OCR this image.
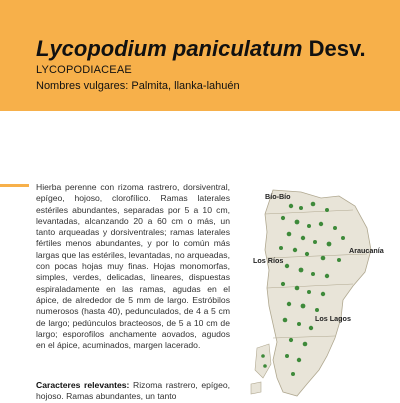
Lycopodium paniculatum Desv.
LYCOPODIACEAE
Nombres vulgares: Palmita, llanka-lahuén

Hierba perenne con rizoma rastrero, dorsiventral, epígeo, hojoso, clorofílico. Ramas laterales estériles abundantes, separadas por 5 a 10 cm, levantadas, alcanzando 20 a 60 cm o más, un tanto arqueadas y dorsiventrales; ramas laterales fértiles menos abundantes, y por lo común más largas que las estériles, levantadas, no arqueadas, con pocas hojas muy finas. Hojas monomorfas, simples, verdes, delicadas, lineares, dispuestas espiraladamente en las ramas, agudas en el ápice, de alrededor de 5 mm de largo. Estróbilos numerosos (hasta 40), pedunculados, de 4 a 5 cm de largo; pedúnculos bracteosos, de 5 a 10 cm de largo; esporofilos anchamente aovados, agudos en el ápice, acuminados, margen lacerado.

Caracteres relevantes: Rizoma rastrero, epígeo, hojoso. Ramas abundantes, un tanto

Bío-Bío
Araucanía
Los Ríos
Los Lagos
